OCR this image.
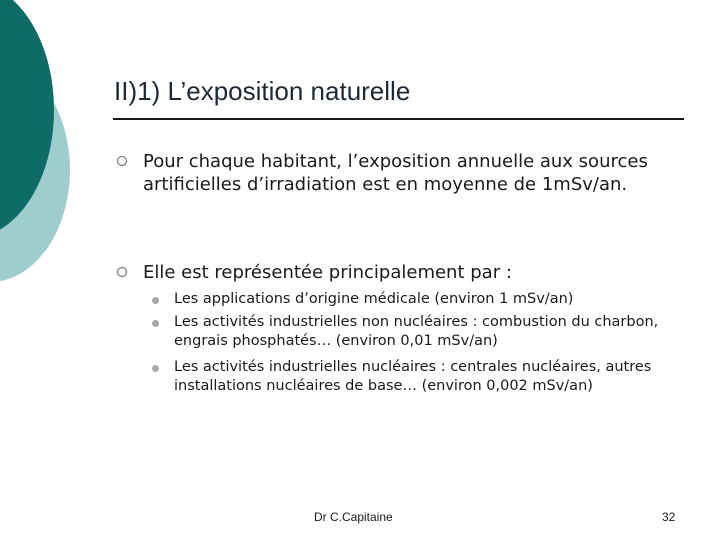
II)1) L’exposition naturelle
Pour chaque habitant, l’exposition annuelle aux sources artificielles d’irradiation est en moyenne de 1mSv/an.
Elle est représentée principalement par :
Les applications d’origine médicale (environ 1 mSv/an)
Les activités industrielles non nucléaires : combustion du charbon, engrais phosphatés… (environ 0,01 mSv/an)
Les activités industrielles nucléaires : centrales nucléaires, autres installations nucléaires de base… (environ 0,002 mSv/an)
Dr C.Capitaine	32
